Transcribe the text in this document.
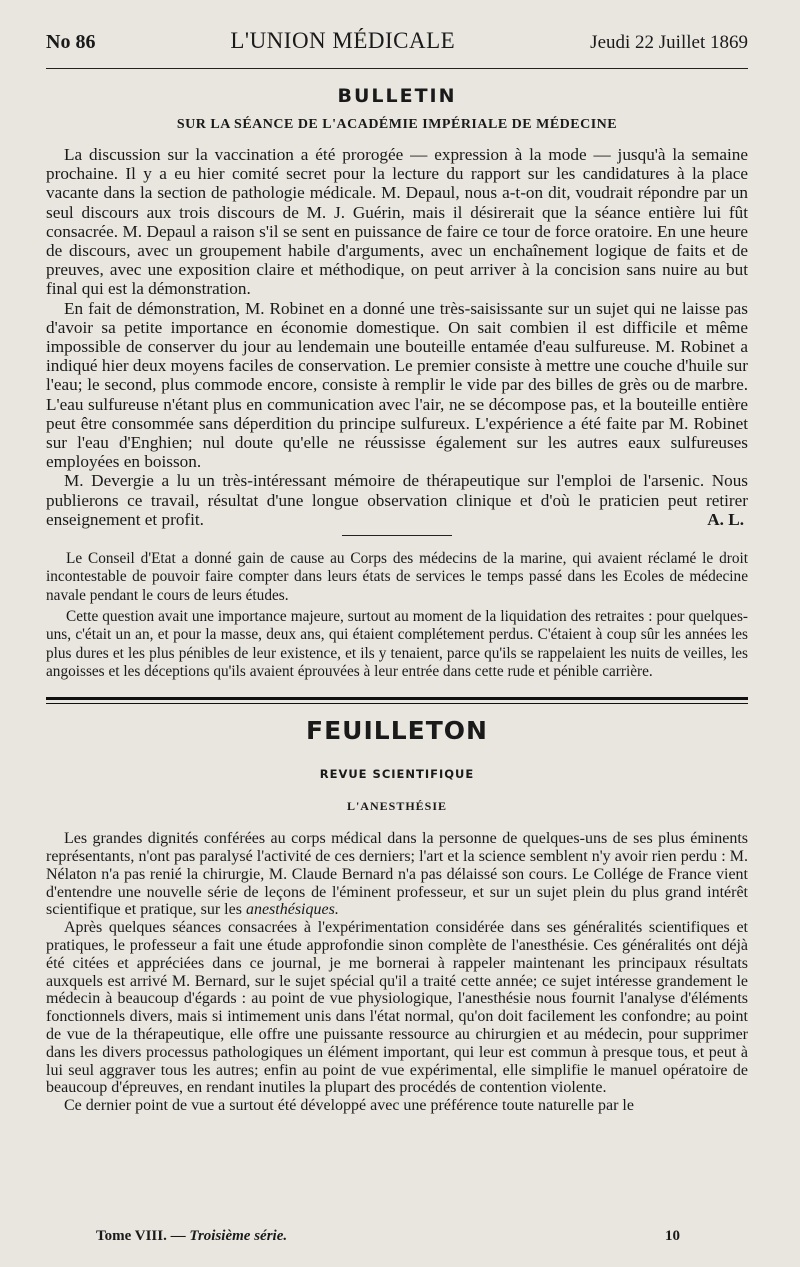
No 86	L'UNION MÉDICALE	Jeudi 22 Juillet 1869
BULLETIN
SUR LA SÉANCE DE L'ACADÉMIE IMPÉRIALE DE MÉDECINE

La discussion sur la vaccination a été prorogée — expression à la mode — jusqu'à la semaine prochaine. Il y a eu hier comité secret pour la lecture du rapport sur les candidatures à la place vacante dans la section de pathologie médicale. M. Depaul, nous a-t-on dit, voudrait répondre par un seul discours aux trois discours de M. J. Guérin, mais il désirerait que la séance entière lui fût consacrée. M. Depaul a raison s'il se sent en puissance de faire ce tour de force oratoire. En une heure de discours, avec un groupement habile d'arguments, avec un enchaînement logique de faits et de preuves, avec une exposition claire et méthodique, on peut arriver à la concision sans nuire au but final qui est la démonstration.

En fait de démonstration, M. Robinet en a donné une très-saisissante sur un sujet qui ne laisse pas d'avoir sa petite importance en économie domestique. On sait combien il est difficile et même impossible de conserver du jour au lendemain une bouteille entamée d'eau sulfureuse. M. Robinet a indiqué hier deux moyens faciles de conservation. Le premier consiste à mettre une couche d'huile sur l'eau; le second, plus commode encore, consiste à remplir le vide par des billes de grès ou de marbre. L'eau sulfureuse n'étant plus en communication avec l'air, ne se décompose pas, et la bouteille entière peut être consommée sans déperdition du principe sulfureux. L'expérience a été faite par M. Robinet sur l'eau d'Enghien; nul doute qu'elle ne réussisse également sur les autres eaux sulfureuses employées en boisson.

M. Devergie a lu un très-intéressant mémoire de thérapeutique sur l'emploi de l'arsenic. Nous publierons ce travail, résultat d'une longue observation clinique et d'où le praticien peut retirer enseignement et profit.	A. L.

Le Conseil d'Etat a donné gain de cause au Corps des médecins de la marine, qui avaient réclamé le droit incontestable de pouvoir faire compter dans leurs états de services le temps passé dans les Ecoles de médecine navale pendant le cours de leurs études.

Cette question avait une importance majeure, surtout au moment de la liquidation des retraites : pour quelques-uns, c'était un an, et pour la masse, deux ans, qui étaient complétement perdus. C'étaient à coup sûr les années les plus dures et les plus pénibles de leur existence, et ils y tenaient, parce qu'ils se rappelaient les nuits de veilles, les angoisses et les déceptions qu'ils avaient éprouvées à leur entrée dans cette rude et pénible carrière.

FEUILLETON
REVUE SCIENTIFIQUE
L'ANESTHÉSIE

Les grandes dignités conférées au corps médical dans la personne de quelques-uns de ses plus éminents représentants, n'ont pas paralysé l'activité de ces derniers; l'art et la science semblent n'y avoir rien perdu : M. Nélaton n'a pas renié la chirurgie, M. Claude Bernard n'a pas délaissé son cours. Le Collége de France vient d'entendre une nouvelle série de leçons de l'éminent professeur, et sur un sujet plein du plus grand intérêt scientifique et pratique, sur les anesthésiques.

Après quelques séances consacrées à l'expérimentation considérée dans ses généralités scientifiques et pratiques, le professeur a fait une étude approfondie sinon complète de l'anesthésie. Ces généralités ont déjà été citées et appréciées dans ce journal, je me bornerai à rappeler maintenant les principaux résultats auxquels est arrivé M. Bernard, sur le sujet spécial qu'il a traité cette année; ce sujet intéresse grandement le médecin à beaucoup d'égards : au point de vue physiologique, l'anesthésie nous fournit l'analyse d'éléments fonctionnels divers, mais si intimement unis dans l'état normal, qu'on doit facilement les confondre; au point de vue de la thérapeutique, elle offre une puissante ressource au chirurgien et au médecin, pour supprimer dans les divers processus pathologiques un élément important, qui leur est commun à presque tous, et peut à lui seul aggraver tous les autres; enfin au point de vue expérimental, elle simplifie le manuel opératoire de beaucoup d'épreuves, en rendant inutiles la plupart des procédés de contention violente.

Ce dernier point de vue a surtout été développé avec une préférence toute naturelle par le

Tome VIII. — Troisième série.	10
